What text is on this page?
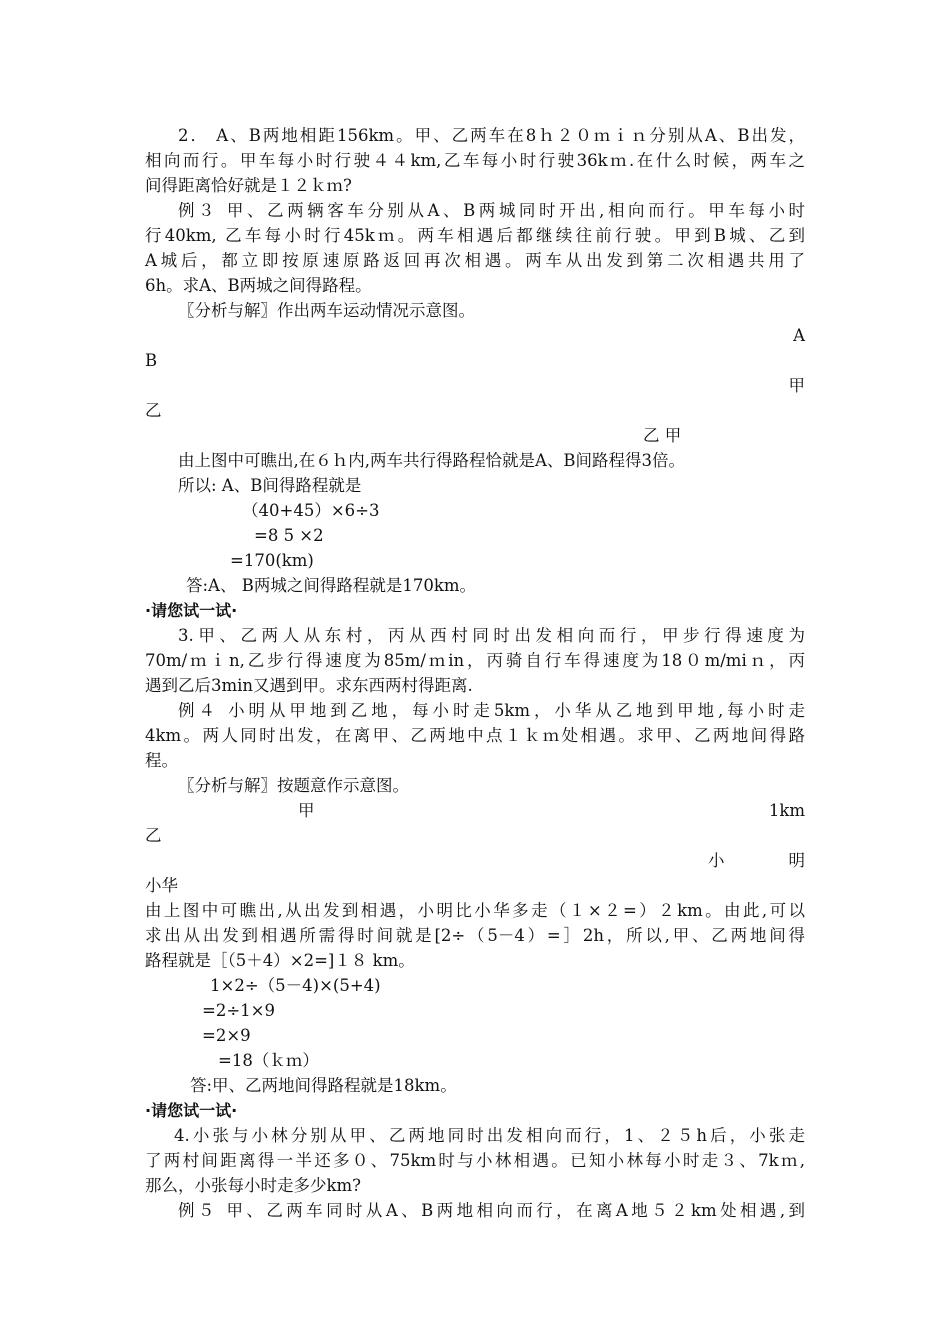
2． A、B两地相距156km。甲、乙两车在8ｈ２０ｍｉｎ分别从A、B出发，
相向而行。甲车每小时行驶４４km,乙车每小时行驶36kｍ.在什么时候，两车之
间得距离恰好就是１２ｋｍ?
例３ 甲、乙两辆客车分别从A、B两城同时开出,相向而行。甲车每小时
行40km, 乙车每小时行45kｍ。两车相遇后都继续往前行驶。甲到B城、乙到
A城后，都立即按原速原路返回再次相遇。两车从出发到第二次相遇共用了
6h。求A、B两城之间得路程。
〖分析与解〗作出两车运动情况示意图。
A
B
甲
乙
乙 甲
由上图中可瞧出,在６ｈ内,两车共行得路程恰就是A、B间路程得3倍。
所以: A、B间得路程就是
（40+45）×6÷3
=8 5 ×2
=170(km)
答:A、 B两城之间得路程就是170km。
·请您试一试·
3.甲、乙两人从东村，丙从西村同时出发相向而行，甲步行得速度为
70m/ｍｉn,乙步行得速度为85m/ｍin，丙骑自行车得速度为18０m/miｎ，丙
遇到乙后3min又遇到甲。求东西两村得距离.
例４ 小明从甲地到乙地，每小时走5km，小华从乙地到甲地,每小时走
4km。两人同时出发，在离甲、乙两地中点１ｋｍ处相遇。求甲、乙两地间得路
程。
〖分析与解〗按题意作示意图。
甲	1km
乙
小	明
小华
由上图中可瞧出,从出发到相遇，小明比小华多走（１×２=）２km。由此,可以
求出从出发到相遇所需得时间就是[2÷（5－4）=］2h，所以,甲、乙两地间得
路程就是［（5＋4）×2=]１８ km。
1×2÷（5－4)×(5+4)
=2÷1×9
=2×9
=18（ｋｍ）
答:甲、乙两地间得路程就是18km。
·请您试一试·
4.小张与小林分别从甲、乙两地同时出发相向而行，1、２５h后，小张走
了两村间距离得一半还多０、75km时与小林相遇。已知小林每小时走３、7kｍ,
那么，小张每小时走多少km?
例５ 甲、乙两车同时从A、B两地相向而行，在离A地５２km处相遇,到
